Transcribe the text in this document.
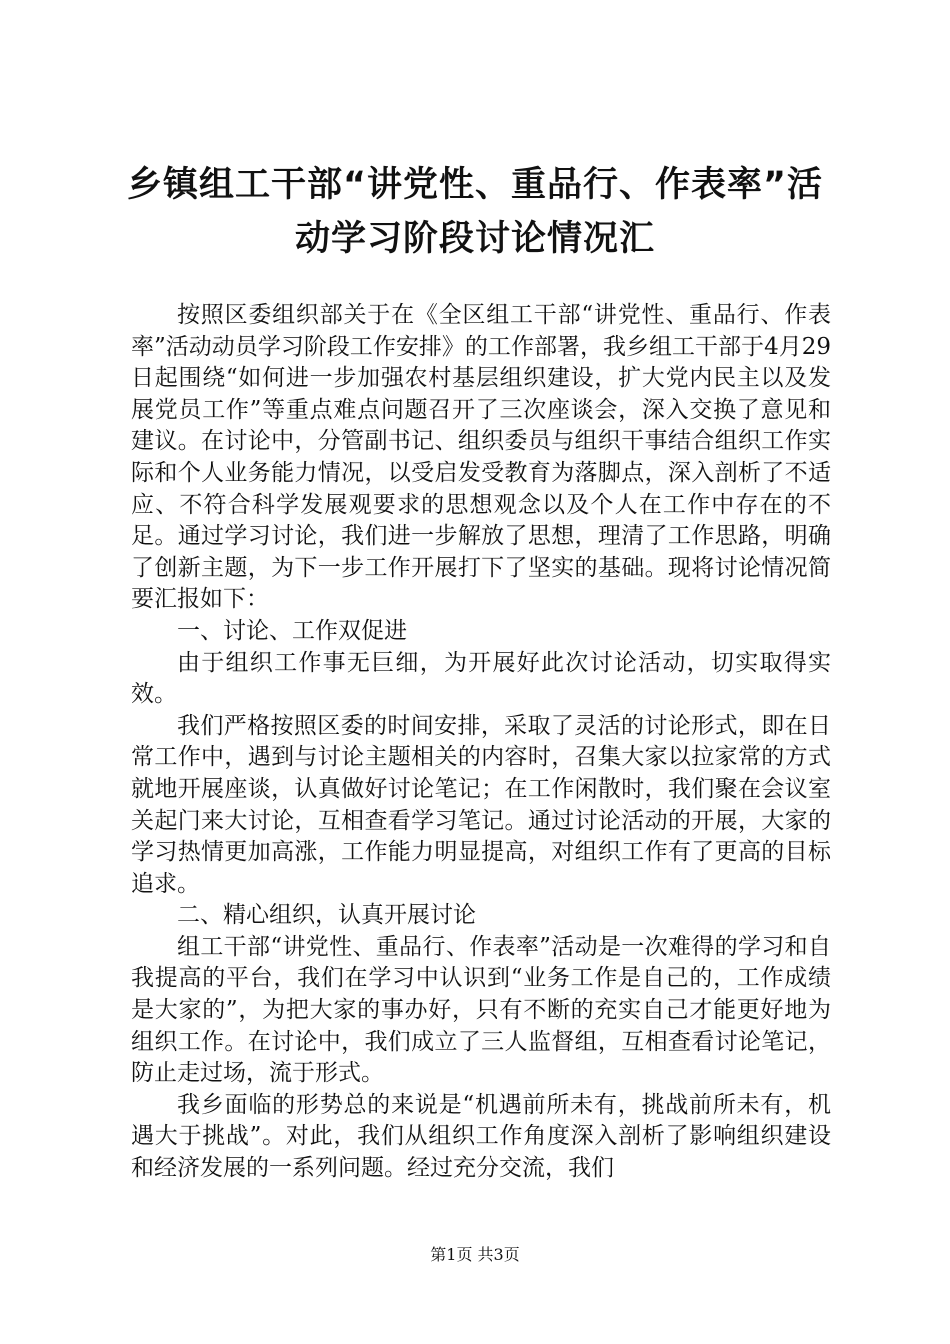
乡镇组工干部“讲党性、重品行、作表率”活
动学习阶段讨论情况汇

按照区委组织部关于在《全区组工干部“讲党性、重品行、作表率”活动动员学习阶段工作安排》的工作部署，我乡组工干部于4月29日起围绕“如何进一步加强农村基层组织建设，扩大党内民主以及发展党员工作”等重点难点问题召开了三次座谈会，深入交换了意见和建议。在讨论中，分管副书记、组织委员与组织干事结合组织工作实际和个人业务能力情况，以受启发受教育为落脚点，深入剖析了不适应、不符合科学发展观要求的思想观念以及个人在工作中存在的不足。通过学习讨论，我们进一步解放了思想，理清了工作思路，明确了创新主题，为下一步工作开展打下了坚实的基础。现将讨论情况简要汇报如下：

一、讨论、工作双促进

由于组织工作事无巨细，为开展好此次讨论活动，切实取得实效。

我们严格按照区委的时间安排，采取了灵活的讨论形式，即在日常工作中，遇到与讨论主题相关的内容时，召集大家以拉家常的方式就地开展座谈，认真做好讨论笔记；在工作闲散时，我们聚在会议室关起门来大讨论，互相查看学习笔记。通过讨论活动的开展，大家的学习热情更加高涨，工作能力明显提高，对组织工作有了更高的目标追求。

二、精心组织，认真开展讨论

组工干部“讲党性、重品行、作表率”活动是一次难得的学习和自我提高的平台，我们在学习中认识到“业务工作是自己的，工作成绩是大家的”，为把大家的事办好，只有不断的充实自己才能更好地为组织工作。在讨论中，我们成立了三人监督组，互相查看讨论笔记，防止走过场，流于形式。

我乡面临的形势总的来说是“机遇前所未有，挑战前所未有，机遇大于挑战”。对此，我们从组织工作角度深入剖析了影响组织建设和经济发展的一系列问题。经过充分交流，我们

第1页 共3页
